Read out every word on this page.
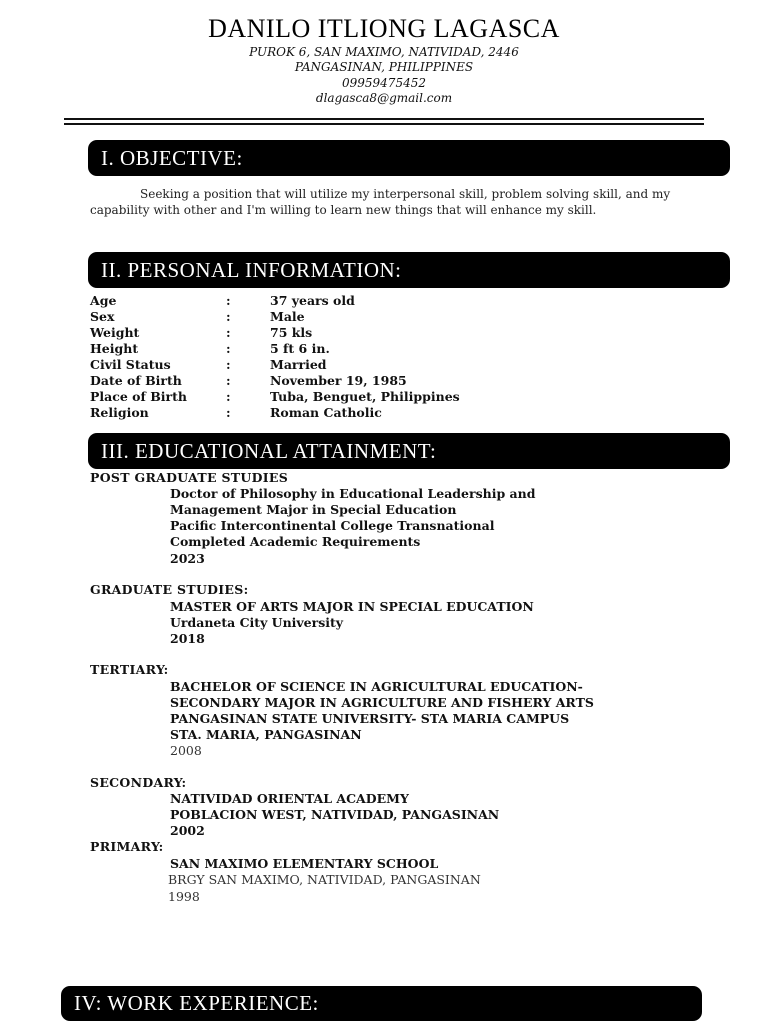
DANILO ITLIONG LAGASCA
PUROK 6, SAN MAXIMO, NATIVIDAD, 2446
PANGASINAN, PHILIPPINES
09959475452
dlagasca8@gmail.com
I. OBJECTIVE:
Seeking a position that will utilize my interpersonal skill, problem solving skill, and my capability with other and I'm willing to learn new things that will enhance my skill.
II. PERSONAL INFORMATION:
Age	:	37 years old
Sex	:	Male
Weight	:	75 kls
Height	:	5 ft 6 in.
Civil Status	:	Married
Date of Birth	:	November 19, 1985
Place of Birth	:	Tuba, Benguet, Philippines
Religion	:	Roman Catholic
III. EDUCATIONAL ATTAINMENT:
POST GRADUATE STUDIES
Doctor of Philosophy in Educational Leadership and
Management Major in Special Education
Pacific Intercontinental College Transnational
Completed Academic Requirements
2023
GRADUATE STUDIES:
MASTER OF ARTS MAJOR IN SPECIAL EDUCATION
Urdaneta City University
2018
TERTIARY:
BACHELOR OF SCIENCE IN AGRICULTURAL EDUCATION-
SECONDARY MAJOR IN AGRICULTURE AND FISHERY ARTS
PANGASINAN STATE UNIVERSITY- STA MARIA CAMPUS
STA. MARIA, PANGASINAN
2008
SECONDARY:
NATIVIDAD ORIENTAL ACADEMY
POBLACION WEST, NATIVIDAD, PANGASINAN
2002
PRIMARY:
SAN MAXIMO ELEMENTARY SCHOOL
BRGY SAN MAXIMO, NATIVIDAD, PANGASINAN
1998
IV: WORK EXPERIENCE:
